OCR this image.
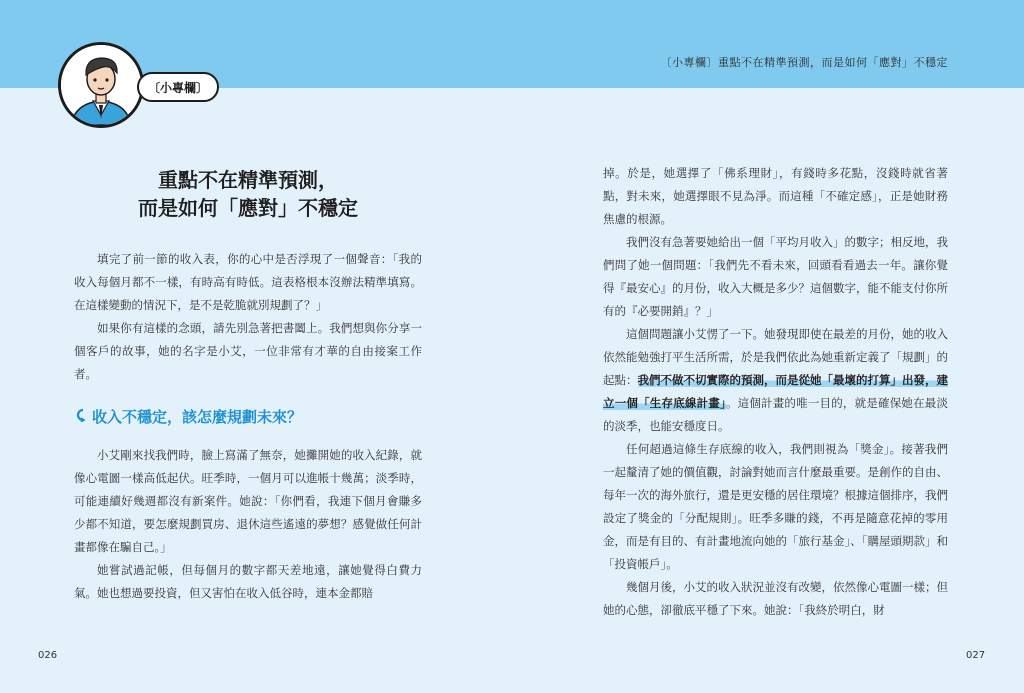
〔小專欄〕重點不在精準預測，而是如何「應對」不穩定
〔小專欄〕
重點不在精準預測，
而是如何「應對」不穩定

填完了前一節的收入表，你的心中是否浮現了一個聲音：「我的收入每個月都不一樣，有時高有時低。這表格根本沒辦法精準填寫。在這樣變動的情況下，是不是乾脆就別規劃了？」

如果你有這樣的念頭，請先別急著把書闔上。我們想與你分享一個客戶的故事，她的名字是小艾，一位非常有才華的自由接案工作者。

收入不穩定，該怎麼規劃未來？

小艾剛來找我們時，臉上寫滿了無奈，她攤開她的收入紀錄，就像心電圖一樣高低起伏。旺季時，一個月可以進帳十幾萬；淡季時，可能連續好幾週都沒有新案件。她說：「你們看，我連下個月會賺多少都不知道，要怎麼規劃買房、退休這些遙遠的夢想？感覺做任何計畫都像在騙自己。」

她嘗試過記帳，但每個月的數字都天差地遠，讓她覺得白費力氣。她也想過要投資，但又害怕在收入低谷時，連本金都賠

026

掉。於是，她選擇了「佛系理財」，有錢時多花點，沒錢時就省著點，對未來，她選擇眼不見為淨。而這種「不確定感」，正是她財務焦慮的根源。

我們沒有急著要她給出一個「平均月收入」的數字；相反地，我們問了她一個問題：「我們先不看未來，回頭看看過去一年。讓你覺得『最安心』的月份，收入大概是多少？這個數字，能不能支付你所有的『必要開銷』？」

這個問題讓小艾愣了一下。她發現即使在最差的月份，她的收入依然能勉強打平生活所需，於是我們依此為她重新定義了「規劃」的起點：我們不做不切實際的預測，而是從她「最壞的打算」出發，建立一個「生存底線計畫」。這個計畫的唯一目的，就是確保她在最淡的淡季，也能安穩度日。

任何超過這條生存底線的收入，我們則視為「獎金」。接著我們一起釐清了她的價值觀，討論對她而言什麼最重要。是創作的自由、每年一次的海外旅行，還是更安穩的居住環境？根據這個排序，我們設定了獎金的「分配規則」。旺季多賺的錢，不再是隨意花掉的零用金，而是有目的、有計畫地流向她的「旅行基金」、「購屋頭期款」和「投資帳戶」。

幾個月後，小艾的收入狀況並沒有改變，依然像心電圖一樣；但她的心態，卻徹底平穩了下來。她說：「我終於明白，財

027
